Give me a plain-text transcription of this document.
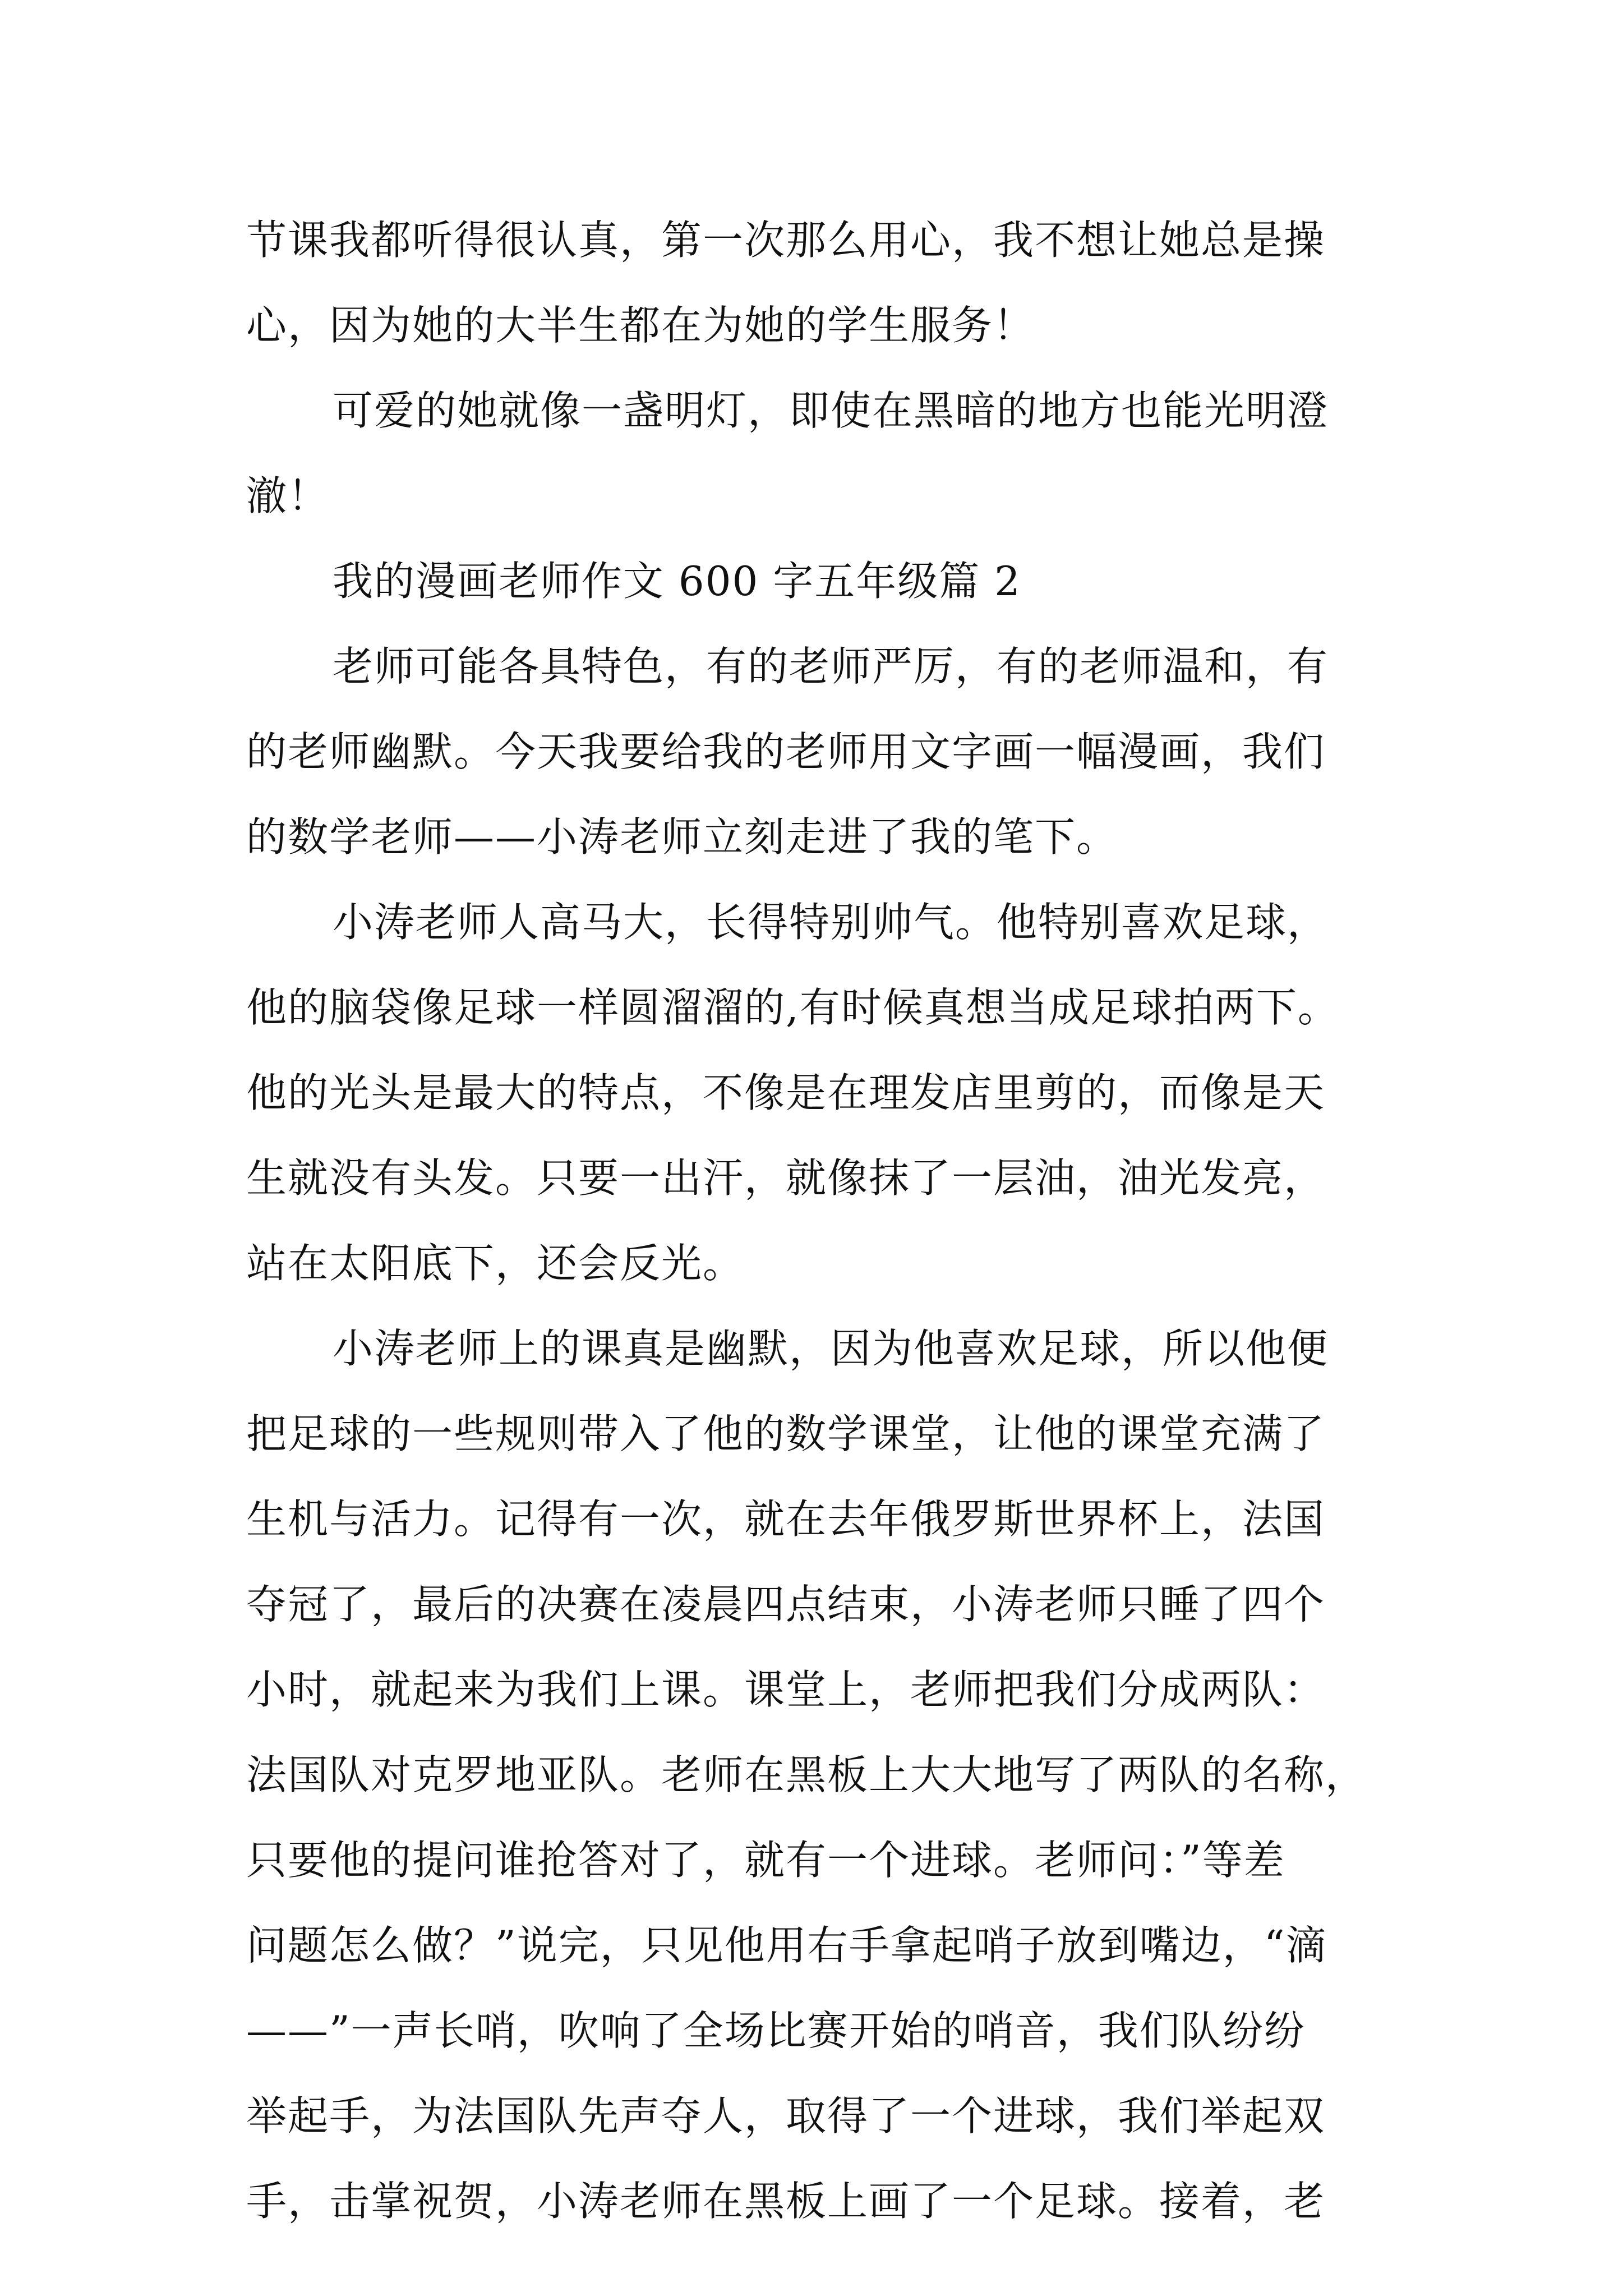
节课我都听得很认真，第一次那么用心，我不想让她总是操
心，因为她的大半生都在为她的学生服务！
可爱的她就像一盏明灯，即使在黑暗的地方也能光明澄
澈！
我的漫画老师作文 600 字五年级篇 2
老师可能各具特色，有的老师严厉，有的老师温和，有
的老师幽默。今天我要给我的老师用文字画一幅漫画，我们
的数学老师——小涛老师立刻走进了我的笔下。
小涛老师人高马大，长得特别帅气。他特别喜欢足球，
他的脑袋像足球一样圆溜溜的,有时候真想当成足球拍两下。
他的光头是最大的特点，不像是在理发店里剪的，而像是天
生就没有头发。只要一出汗，就像抹了一层油，油光发亮，
站在太阳底下，还会反光。
小涛老师上的课真是幽默，因为他喜欢足球，所以他便
把足球的一些规则带入了他的数学课堂，让他的课堂充满了
生机与活力。记得有一次，就在去年俄罗斯世界杯上，法国
夺冠了，最后的决赛在凌晨四点结束，小涛老师只睡了四个
小时，就起来为我们上课。课堂上，老师把我们分成两队：
法国队对克罗地亚队。老师在黑板上大大地写了两队的名称，
只要他的提问谁抢答对了，就有一个进球。老师问：”等差
问题怎么做？”说完，只见他用右手拿起哨子放到嘴边，“滴
——”一声长哨，吹响了全场比赛开始的哨音，我们队纷纷
举起手，为法国队先声夺人，取得了一个进球，我们举起双
手，击掌祝贺，小涛老师在黑板上画了一个足球。接着，老
